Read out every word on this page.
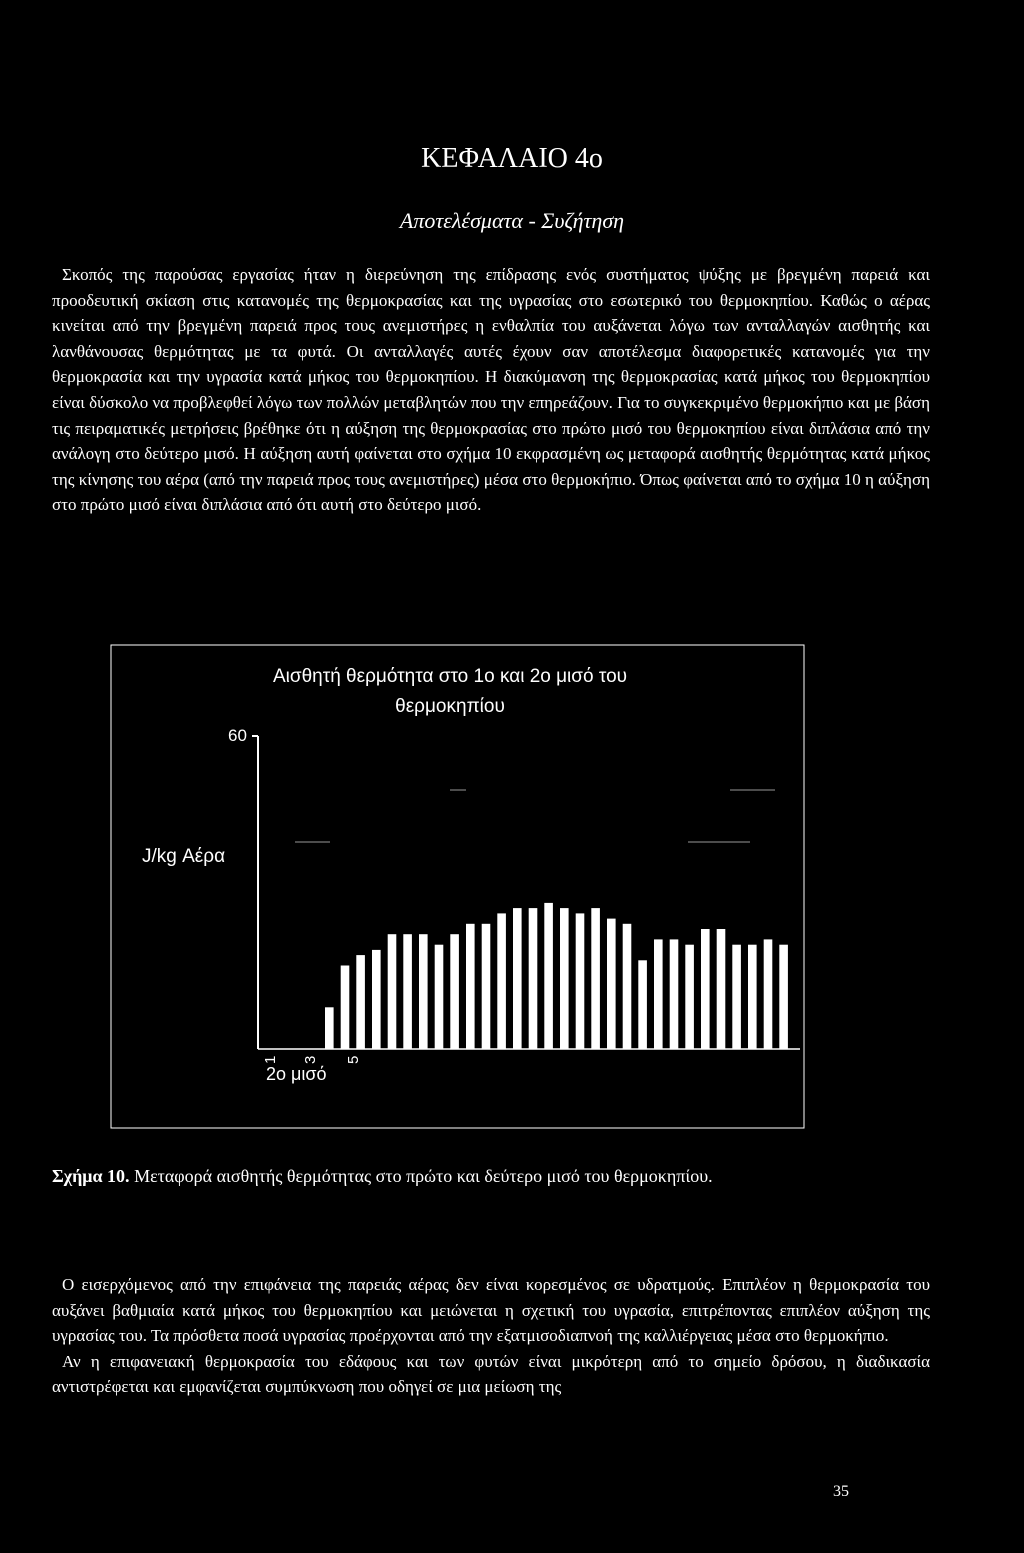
ΚΕΦΑΛΑΙΟ 4ο
Αποτελέσματα - Συζήτηση

Σκοπός της παρούσας εργασίας ήταν η διερεύνηση της επίδρασης ενός συστήματος ψύξης με βρεγμένη παρειά και προοδευτική σκίαση στις κατανομές της θερμοκρασίας και της υγρασίας στο εσωτερικό του θερμοκηπίου. Καθώς ο αέρας κινείται από την βρεγμένη παρειά προς τους ανεμιστήρες η ενθαλπία του αυξάνεται λόγω των ανταλλαγών αισθητής και λανθάνουσας θερμότητας με τα φυτά. Οι ανταλλαγές αυτές έχουν σαν αποτέλεσμα διαφορετικές κατανομές για την θερμοκρασία και την υγρασία κατά μήκος του θερμοκηπίου. Η διακύμανση της θερμοκρασίας κατά μήκος του θερμοκηπίου είναι δύσκολο να προβλεφθεί λόγω των πολλών μεταβλητών που την επηρεάζουν. Για το συγκεκριμένο θερμοκήπιο και με βάση τις πειραματικές μετρήσεις βρέθηκε ότι η αύξηση της θερμοκρασίας στο πρώτο μισό του θερμοκηπίου είναι διπλάσια από την ανάλογη στο δεύτερο μισό. Η αύξηση αυτή φαίνεται στο σχήμα 10 εκφρασμένη ως μεταφορά αισθητής θερμότητας κατά μήκος της κίνησης του αέρα (από την παρειά προς τους ανεμιστήρες) μέσα στο θερμοκήπιο. Όπως φαίνεται από το σχήμα 10 η αύξηση στο πρώτο μισό είναι διπλάσια από ότι αυτή στο δεύτερο μισό.

Αισθητή θερμότητα στο 1ο και 2ο μισό του θερμοκηπίου
60
J/kg Αέρα
1 3 5
2ο μισό
Σχήμα 10. Μεταφορά αισθητής θερμότητας στο πρώτο και δεύτερο μισό του θερμοκηπίου.

Ο εισερχόμενος από την επιφάνεια της παρειάς αέρας δεν είναι κορεσμένος σε υδρατμούς. Επιπλέον η θερμοκρασία του αυξάνει βαθμιαία κατά μήκος του θερμοκηπίου και μειώνεται η σχετική του υγρασία, επιτρέποντας επιπλέον αύξηση της υγρασίας του. Τα πρόσθετα ποσά υγρασίας προέρχονται από την εξατμισοδιαπνοή της καλλιέργειας μέσα στο θερμοκήπιο.

Αν η επιφανειακή θερμοκρασία του εδάφους και των φυτών είναι μικρότερη από το σημείο δρόσου, η διαδικασία αντιστρέφεται και εμφανίζεται συμπύκνωση που οδηγεί σε μια μείωση της

35
